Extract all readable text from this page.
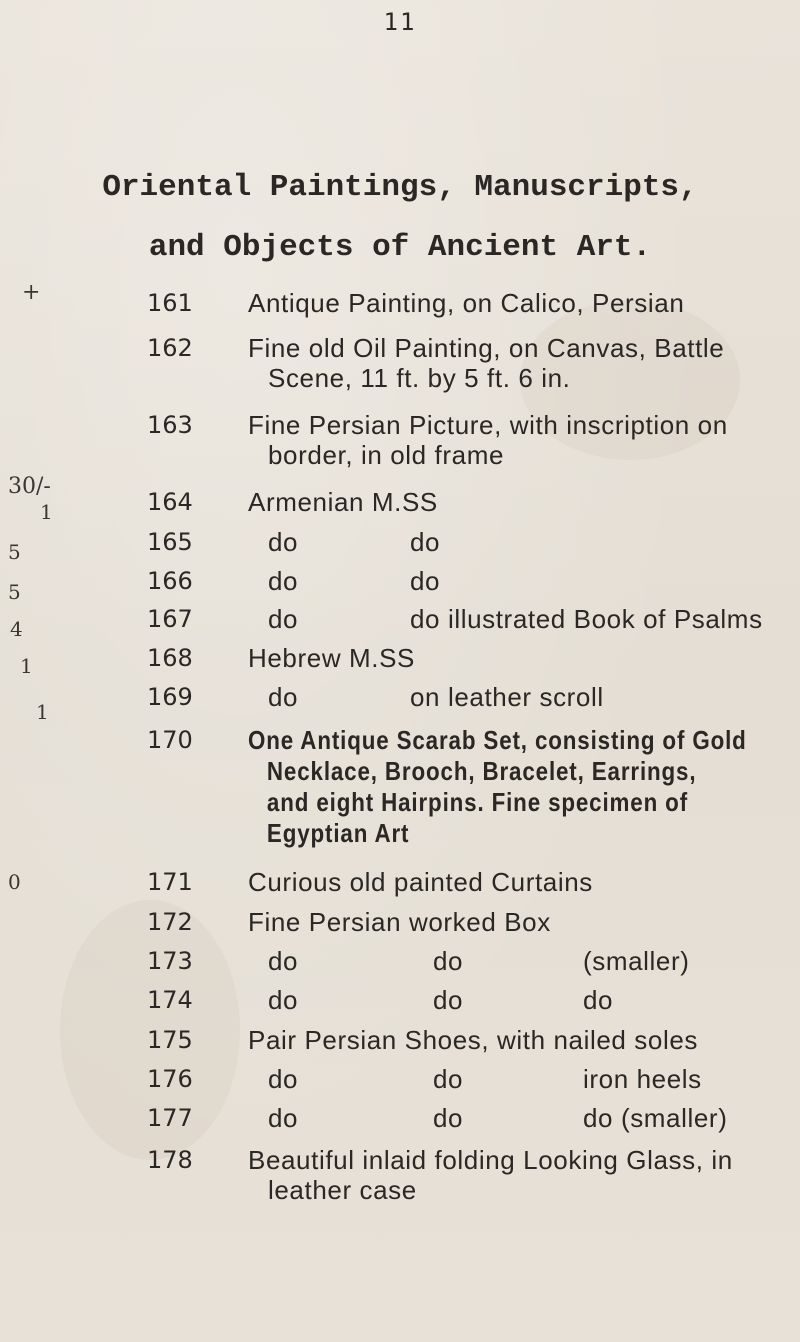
11
Oriental Paintings, Manuscripts,
and Objects of Ancient Art.
+
30/-
1
5
5
4
1
1
0
161 Antique Painting, on Calico, Persian
162 Fine old Oil Painting, on Canvas, Battle
Scene, 11 ft. by 5 ft. 6 in.
163 Fine Persian Picture, with inscription on
border, in old frame
164 Armenian M.SS
165	do	do
166	do	do
167	do	do illustrated Book of Psalms
168 Hebrew M.SS
169	do	on leather scroll
170 One Antique Scarab Set, consisting of Gold
Necklace, Brooch, Bracelet, Earrings,
and eight Hairpins. Fine specimen of
Egyptian Art
171 Curious old painted Curtains
172 Fine Persian worked Box
173	do	do	(smaller)
174	do	do	do
175 Pair Persian Shoes, with nailed soles
176	do	do	iron heels
177	do	do	do (smaller)
178 Beautiful inlaid folding Looking Glass, in
leather case
